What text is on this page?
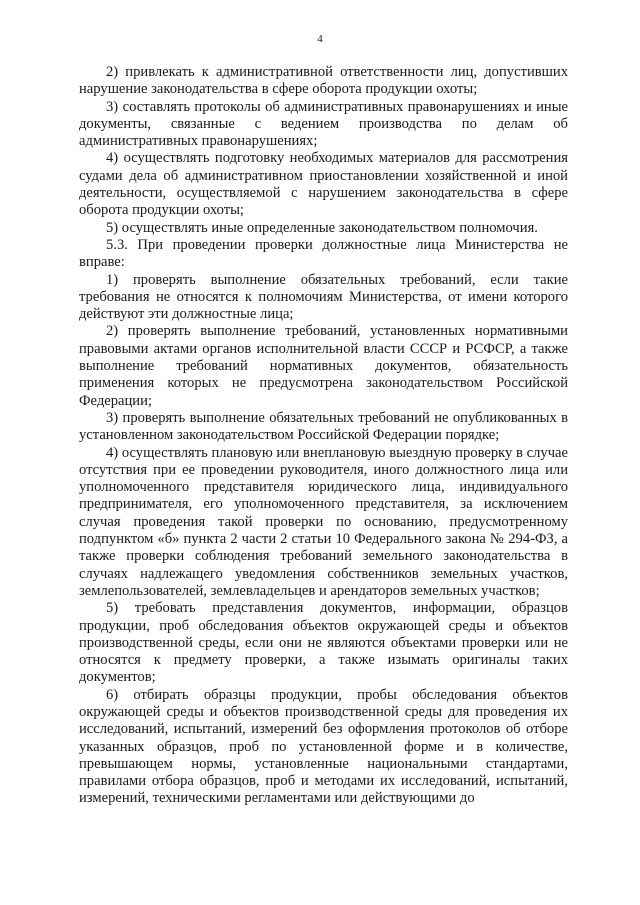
4

2) привлекать к административной ответственности лиц, допустивших нарушение законодательства в сфере оборота продукции охоты;

3) составлять протоколы об административных правонарушениях и иные документы, связанные с ведением производства по делам об административных правонарушениях;

4) осуществлять подготовку необходимых материалов для рассмотрения судами дела об административном приостановлении хозяйственной и иной деятельности, осуществляемой с нарушением законодательства в сфере оборота продукции охоты;

5) осуществлять иные определенные законодательством полномочия.

5.3. При проведении проверки должностные лица Министерства не вправе:

1) проверять выполнение обязательных требований, если такие требования не относятся к полномочиям Министерства, от имени которого действуют эти должностные лица;

2) проверять выполнение требований, установленных нормативными правовыми актами органов исполнительной власти СССР и РСФСР, а также выполнение требований нормативных документов, обязательность применения которых не предусмотрена законодательством Российской Федерации;

3) проверять выполнение обязательных требований не опубликованных в установленном законодательством Российской Федерации порядке;

4) осуществлять плановую или внеплановую выездную проверку в случае отсутствия при ее проведении руководителя, иного должностного лица или уполномоченного представителя юридического лица, индивидуального предпринимателя, его уполномоченного представителя, за исключением случая проведения такой проверки по основанию, предусмотренному подпунктом «б» пункта 2 части 2 статьи 10 Федерального закона № 294-ФЗ, а также проверки соблюдения требований земельного законодательства в случаях надлежащего уведомления собственников земельных участков, землепользователей, землевладельцев и арендаторов земельных участков;

5) требовать представления документов, информации, образцов продукции, проб обследования объектов окружающей среды и объектов производственной среды, если они не являются объектами проверки или не относятся к предмету проверки, а также изымать оригиналы таких документов;

6) отбирать образцы продукции, пробы обследования объектов окружающей среды и объектов производственной среды для проведения их исследований, испытаний, измерений без оформления протоколов об отборе указанных образцов, проб по установленной форме и в количестве, превышающем нормы, установленные национальными стандартами, правилами отбора образцов, проб и методами их исследований, испытаний, измерений, техническими регламентами или действующими до
